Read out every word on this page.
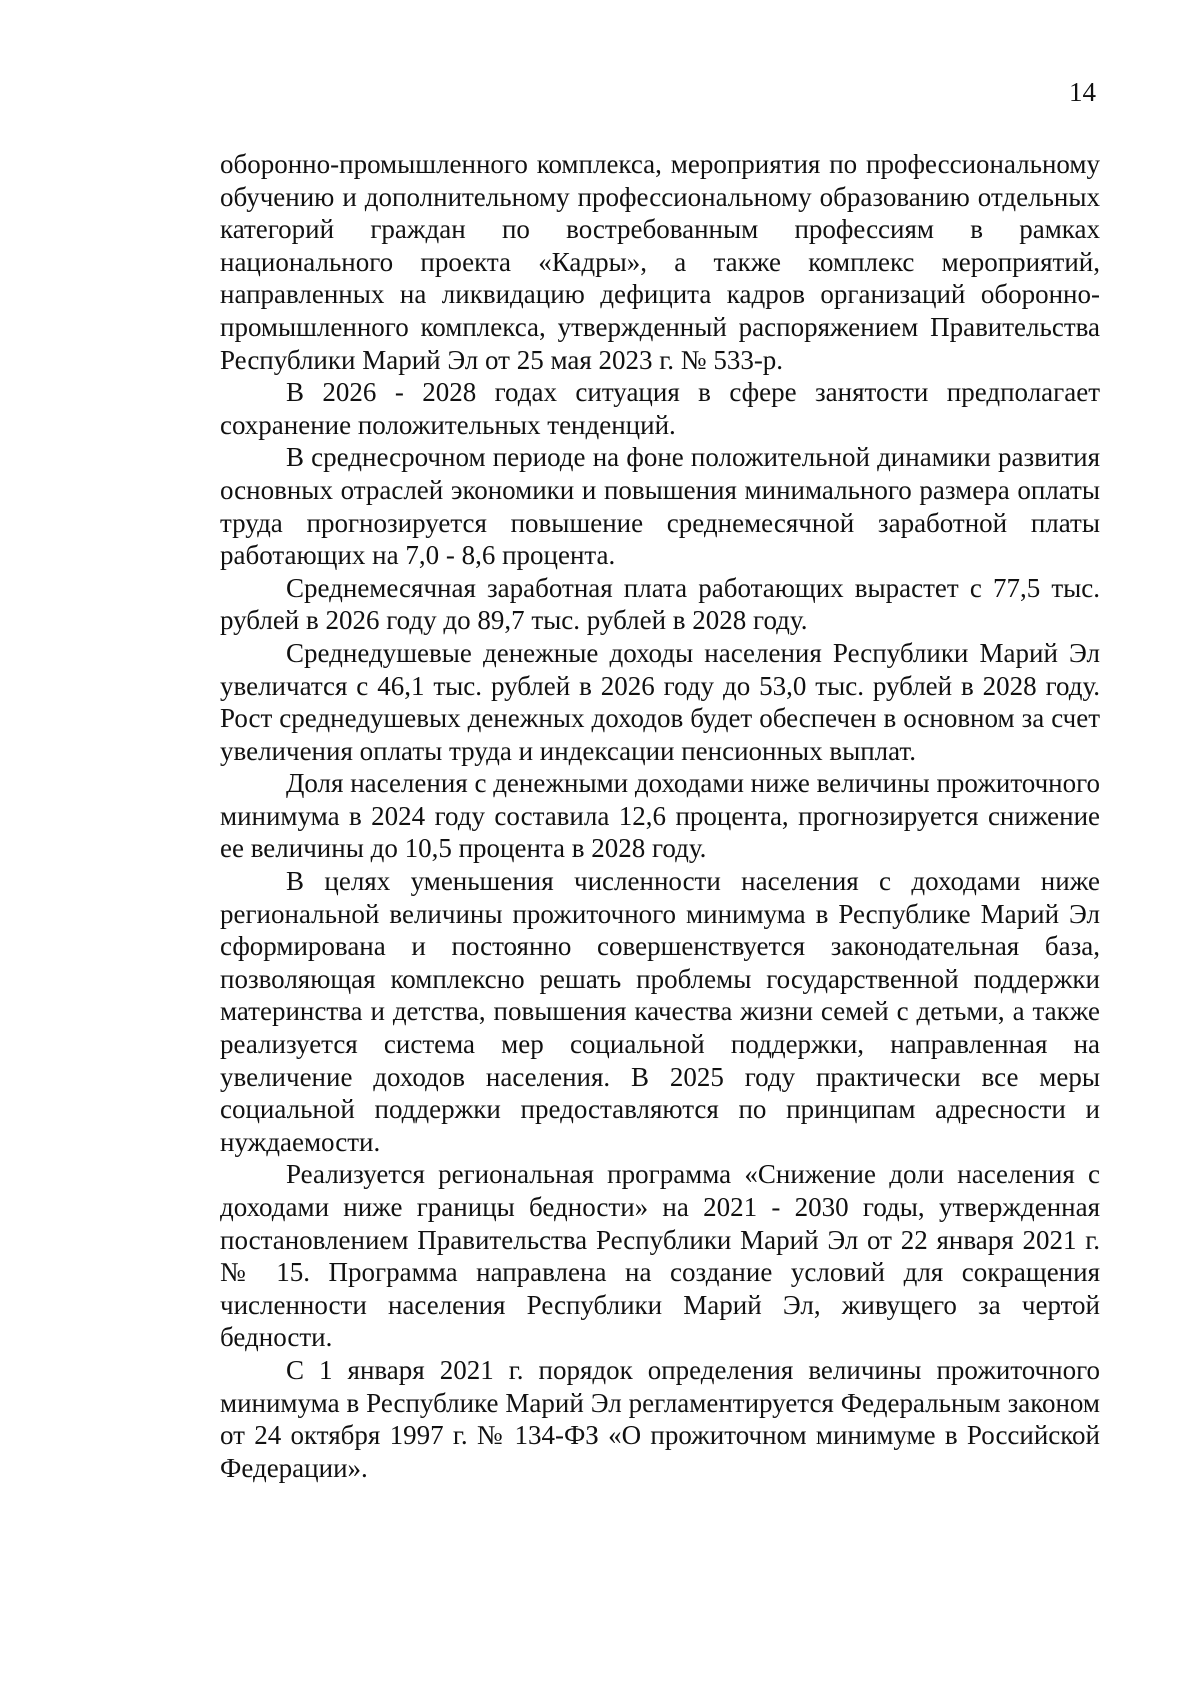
14

оборонно-промышленного комплекса, мероприятия по профессиональному обучению и дополнительному профессиональному образованию отдельных категорий граждан по востребованным профессиям в рамках национального проекта «Кадры», а также комплекс мероприятий, направленных на ликвидацию дефицита кадров организаций оборонно-промышленного комплекса, утвержденный распоряжением Правительства Республики Марий Эл от 25 мая 2023 г. № 533-р.

В 2026 - 2028 годах ситуация в сфере занятости предполагает сохранение положительных тенденций.

В среднесрочном периоде на фоне положительной динамики развития основных отраслей экономики и повышения минимального размера оплаты труда прогнозируется повышение среднемесячной заработной платы работающих на 7,0 - 8,6 процента.

Среднемесячная заработная плата работающих вырастет с 77,5 тыс. рублей в 2026 году до 89,7 тыс. рублей в 2028 году.

Среднедушевые денежные доходы населения Республики Марий Эл увеличатся с 46,1 тыс. рублей в 2026 году до 53,0 тыс. рублей в 2028 году. Рост среднедушевых денежных доходов будет обеспечен в основном за счет увеличения оплаты труда и индексации пенсионных выплат.

Доля населения с денежными доходами ниже величины прожиточного минимума в 2024 году составила 12,6 процента, прогнозируется снижение ее величины до 10,5 процента в 2028 году.

В целях уменьшения численности населения с доходами ниже региональной величины прожиточного минимума в Республике Марий Эл сформирована и постоянно совершенствуется законодательная база, позволяющая комплексно решать проблемы государственной поддержки материнства и детства, повышения качества жизни семей с детьми, а также реализуется система мер социальной поддержки, направленная на увеличение доходов населения. В 2025 году практически все меры социальной поддержки предоставляются по принципам адресности и нуждаемости.

Реализуется региональная программа «Снижение доли населения с доходами ниже границы бедности» на 2021 - 2030 годы, утвержденная постановлением Правительства Республики Марий Эл от 22 января 2021 г. № 15. Программа направлена на создание условий для сокращения численности населения Республики Марий Эл, живущего за чертой бедности.

С 1 января 2021 г. порядок определения величины прожиточного минимума в Республике Марий Эл регламентируется Федеральным законом от 24 октября 1997 г. № 134-ФЗ «О прожиточном минимуме в Российской Федерации».
